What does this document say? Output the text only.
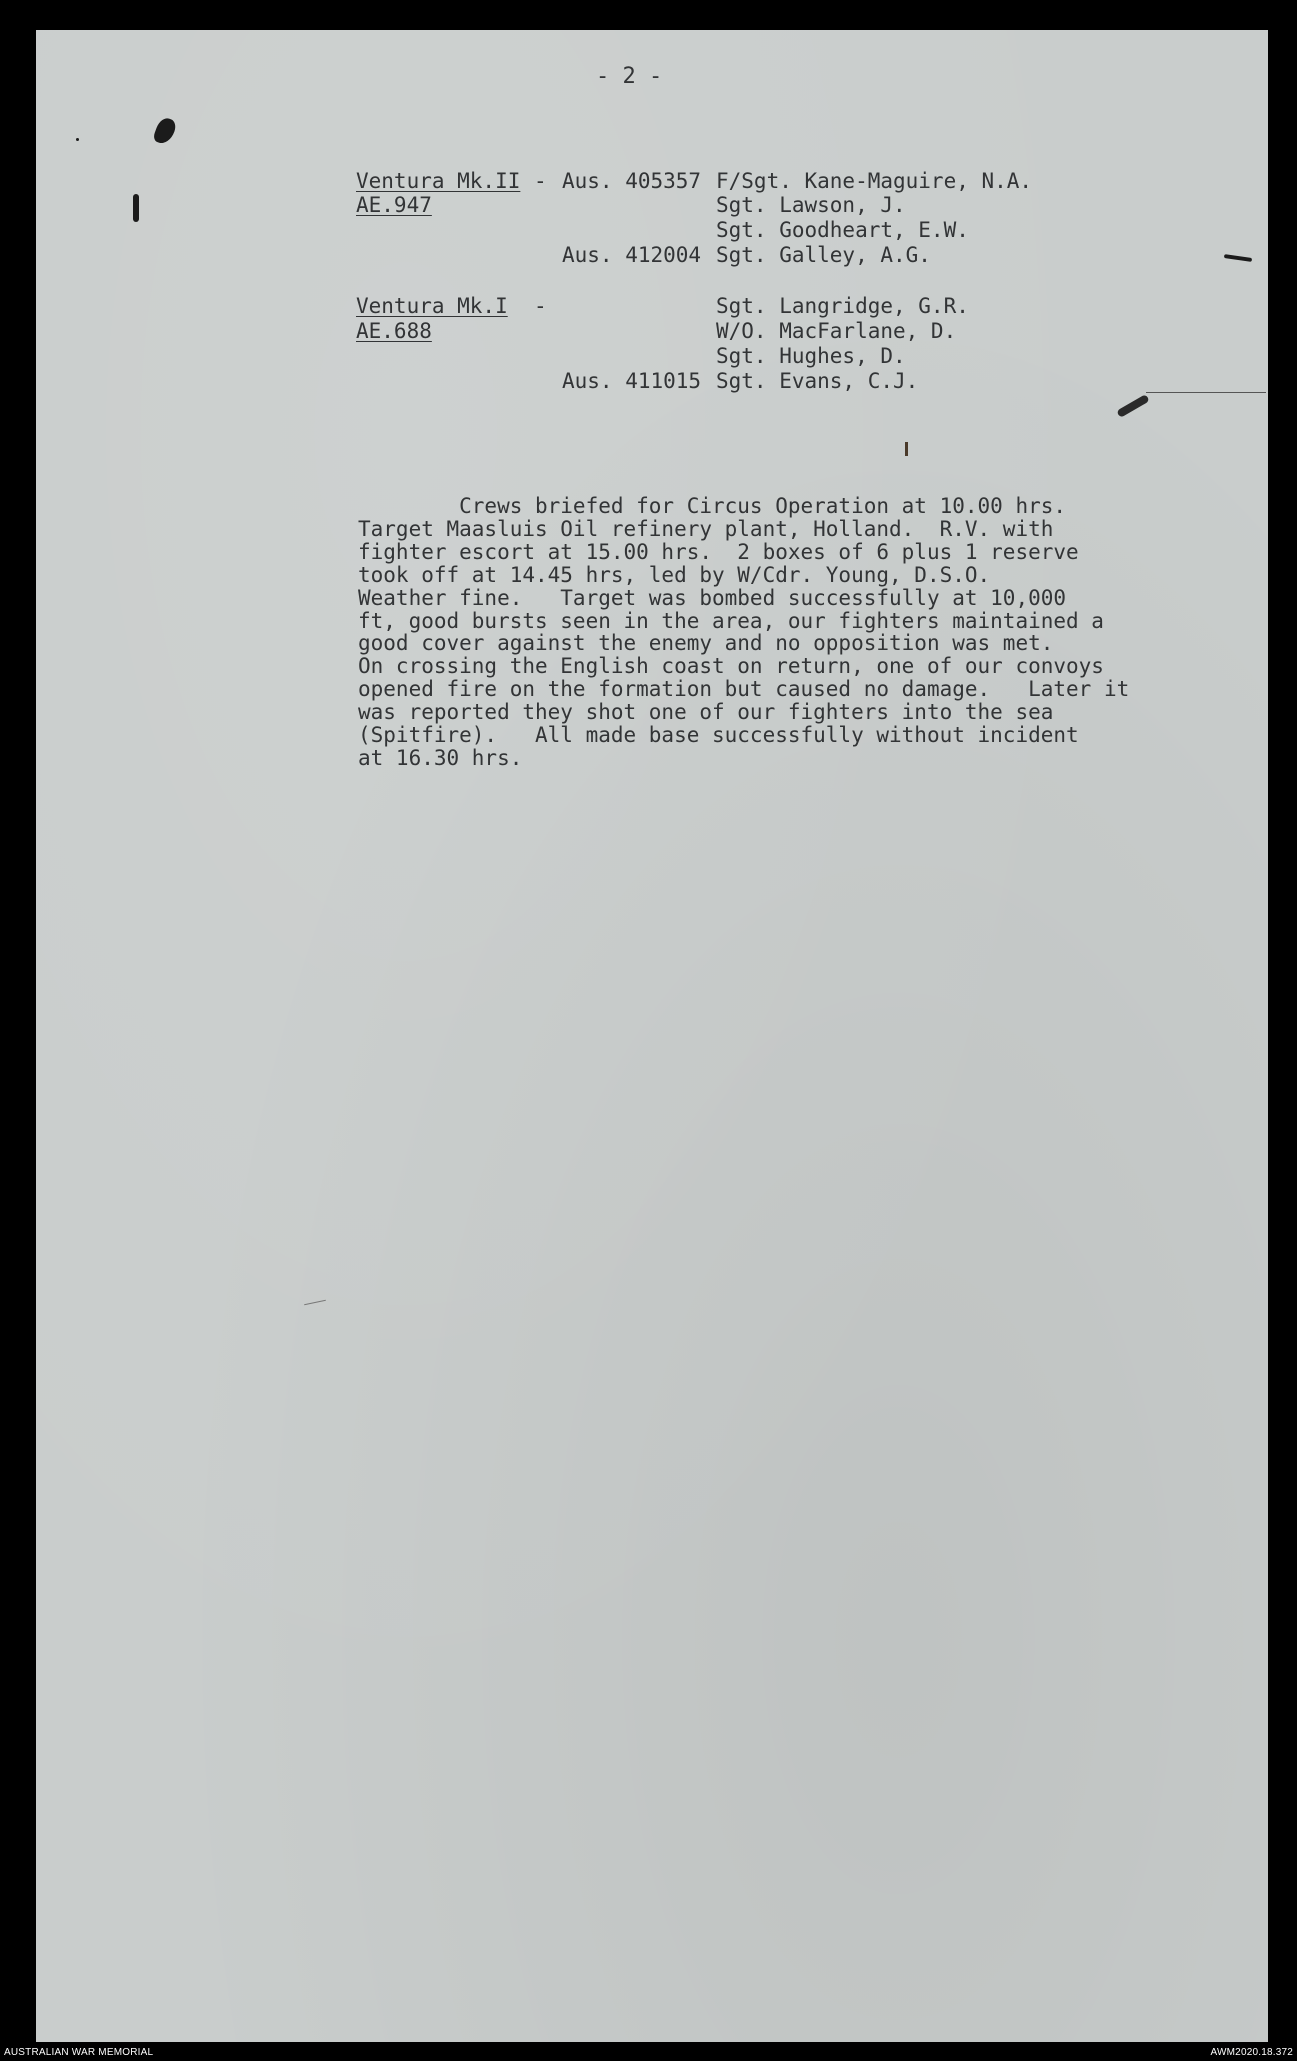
- 2 -
Ventura Mk.II -
AE.947
Aus. 405357 F/Sgt. Kane-Maguire, N.A.
Sgt. Lawson, J.
Sgt. Goodheart, E.W.
Aus. 412004 Sgt. Galley, A.G.
Ventura Mk.I -
AE.688
Sgt. Langridge, G.R.
W/O. MacFarlane, D.
Sgt. Hughes, D.
Aus. 411015 Sgt. Evans, C.J.
Crews briefed for Circus Operation at 10.00 hrs.
Target Maasluis Oil refinery plant, Holland.  R.V. with
fighter escort at 15.00 hrs.  2 boxes of 6 plus 1 reserve
took off at 14.45 hrs, led by W/Cdr. Young, D.S.O.
Weather fine.   Target was bombed successfully at 10,000
ft, good bursts seen in the area, our fighters maintained a
good cover against the enemy and no opposition was met.
On crossing the English coast on return, one of our convoys
opened fire on the formation but caused no damage.   Later it
was reported they shot one of our fighters into the sea
(Spitfire).   All made base successfully without incident
at 16.30 hrs.
AUSTRALIAN WAR MEMORIAL	AWM2020.18.372
